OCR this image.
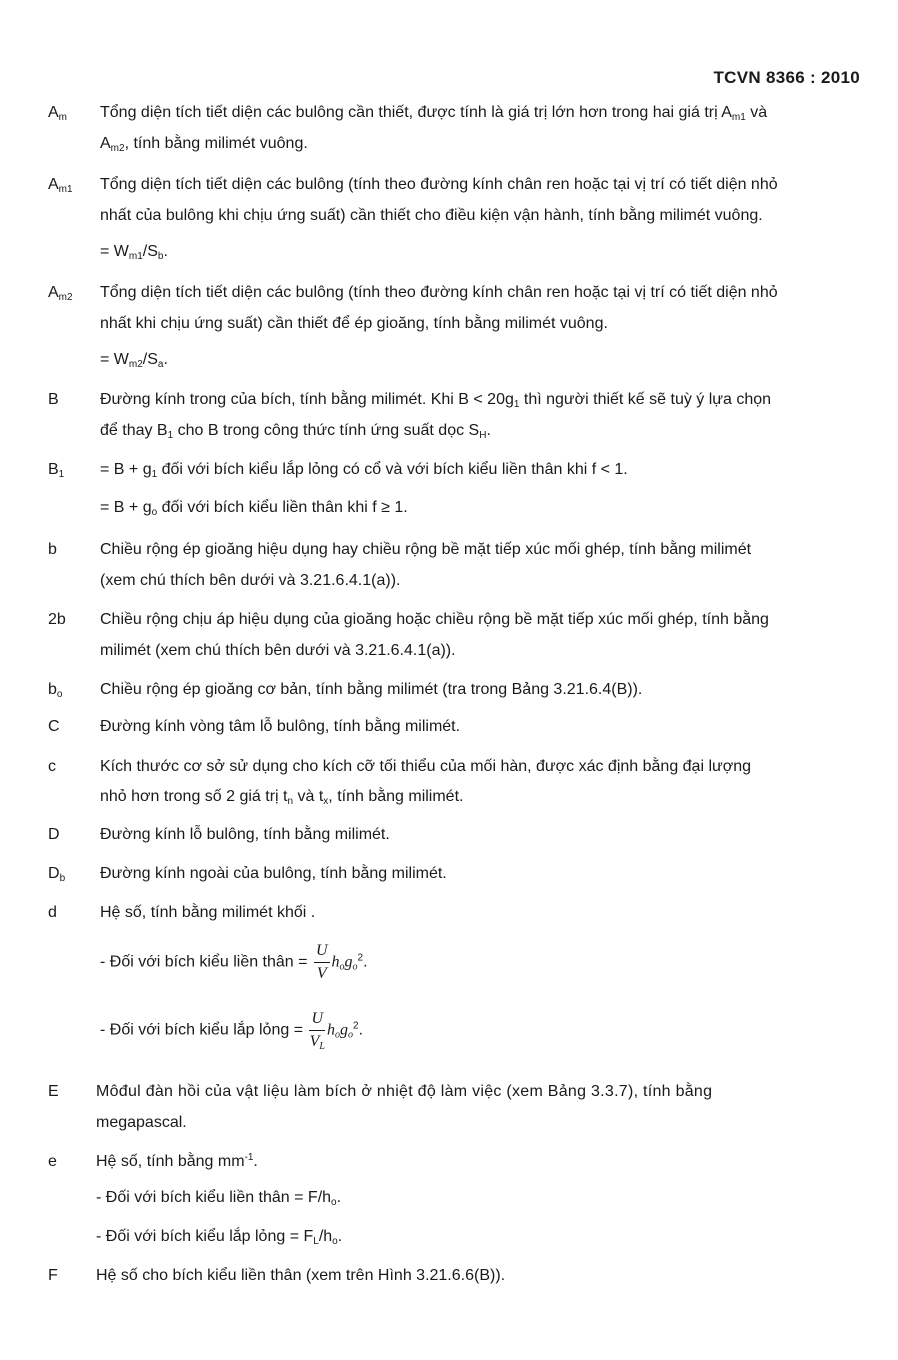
TCVN 8366 : 2010
$A_m$	Tổng diện tích tiết diện các bulông cần thiết, được tính là giá trị lớn hơn trong hai giá trị $A_{m1}$ và
$A_{m2}$, tính bằng milimét vuông.
$A_{m1}$	Tổng diện tích tiết diện các bulông (tính theo đường kính chân ren hoặc tại vị trí có tiết diện nhỏ
nhất của bulông khi chịu ứng suất) cần thiết cho điều kiện vận hành, tính bằng milimét vuông.
= $W_{m1}/S_b$.
$A_{m2}$	Tổng diện tích tiết diện các bulông (tính theo đường kính chân ren hoặc tại vị trí có tiết diện nhỏ
nhất khi chịu ứng suất) cần thiết để ép gioăng, tính bằng milimét vuông.
= $W_{m2}/S_a$.
B	Đường kính trong của bích, tính bằng milimét. Khi $B < 20g_1$ thì người thiết kế sẽ tuỳ ý lựa chọn
để thay $B_1$ cho B trong công thức tính ứng suất dọc $S_H$.
$B_1$	= $B + g_1$ đối với bích kiểu lắp lỏng có cổ và với bích kiểu liền thân khi f < 1.
= $B + g_o$ đối với bích kiểu liền thân khi f ≥ 1.
b	Chiều rộng ép gioăng hiệu dụng hay chiều rộng bề mặt tiếp xúc mối ghép, tính bằng milimét
(xem chú thích bên dưới và 3.21.6.4.1(a)).
2b	Chiều rộng chịu áp hiệu dụng của gioăng hoặc chiều rộng bề mặt tiếp xúc mối ghép, tính bằng
milimét (xem chú thích bên dưới và 3.21.6.4.1(a)).
$b_o$	Chiều rộng ép gioăng cơ bản, tính bằng milimét (tra trong Bảng 3.21.6.4(B)).
C	Đường kính vòng tâm lỗ bulông, tính bằng milimét.
c	Kích thước cơ sở sử dụng cho kích cỡ tối thiểu của mối hàn, được xác định bằng đại lượng
nhỏ hơn trong số 2 giá trị $t_n$ và $t_x$, tính bằng milimét.
D	Đường kính lỗ bulông, tính bằng milimét.
$D_b$	Đường kính ngoài của bulông, tính bằng milimét.
d	Hệ số, tính bằng milimét khối .
- Đối với bích kiểu liền thân = $\frac{U}{V} h_og_o^2$.
- Đối với bích kiểu lắp lỏng = $\frac{U}{V_L} h_og_o^2$.
E	Môđul đàn hồi của vật liệu làm bích ở nhiệt độ làm việc (xem Bảng 3.3.7), tính bằng
megapascal.
e	Hệ số, tính bằng $mm^{-1}$.
- Đối với bích kiểu liền thân = $F/h_o$.
- Đối với bích kiểu lắp lỏng = $F_L/h_o$.
F	Hệ số cho bích kiểu liền thân (xem trên Hình 3.21.6.6(B)).
